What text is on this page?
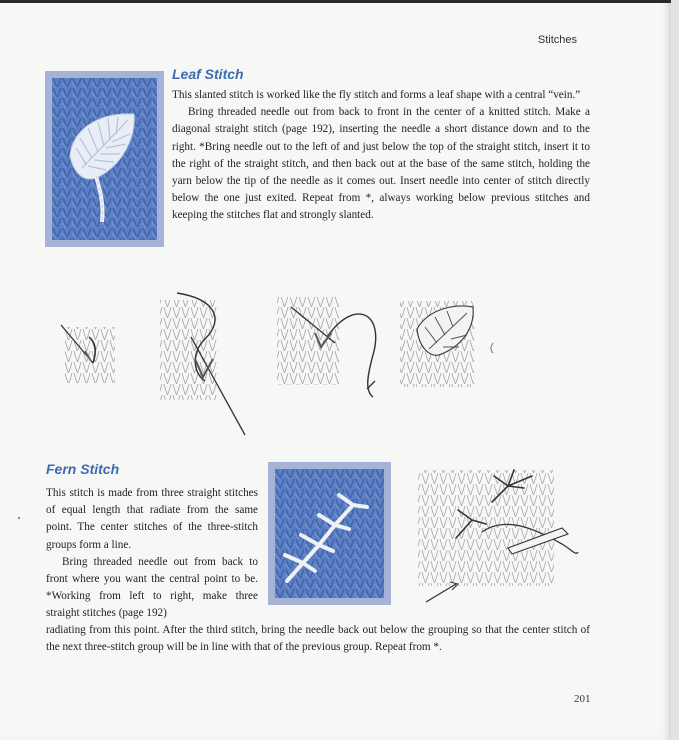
Stitches
Leaf Stitch

This slanted stitch is worked like the fly stitch and forms a leaf shape with a central “vein.”

Bring threaded needle out from back to front in the center of a knitted stitch. Make a diagonal straight stitch (page 192), inserting the needle a short distance down and to the right. *Bring needle out to the left of and just below the top of the straight stitch, insert it to the right of the straight stitch, and then back out at the base of the same stitch, holding the yarn below the tip of the needle as it comes out. Insert needle into center of stitch directly below the one just exited. Repeat from *, always working below previous stitches and keeping the stitches flat and strongly slanted.

Fern Stitch

This stitch is made from three straight stitches of equal length that radiate from the same point. The center stitches of the three-stitch groups form a line.

Bring threaded needle out from back to front where you want the central point to be. *Working from left to right, make three straight stitches (page 192)

radiating from this point. After the third stitch, bring the needle back out below the grouping so that the center stitch of the next three-stitch group will be in line with that of the previous group. Repeat from *.
201
